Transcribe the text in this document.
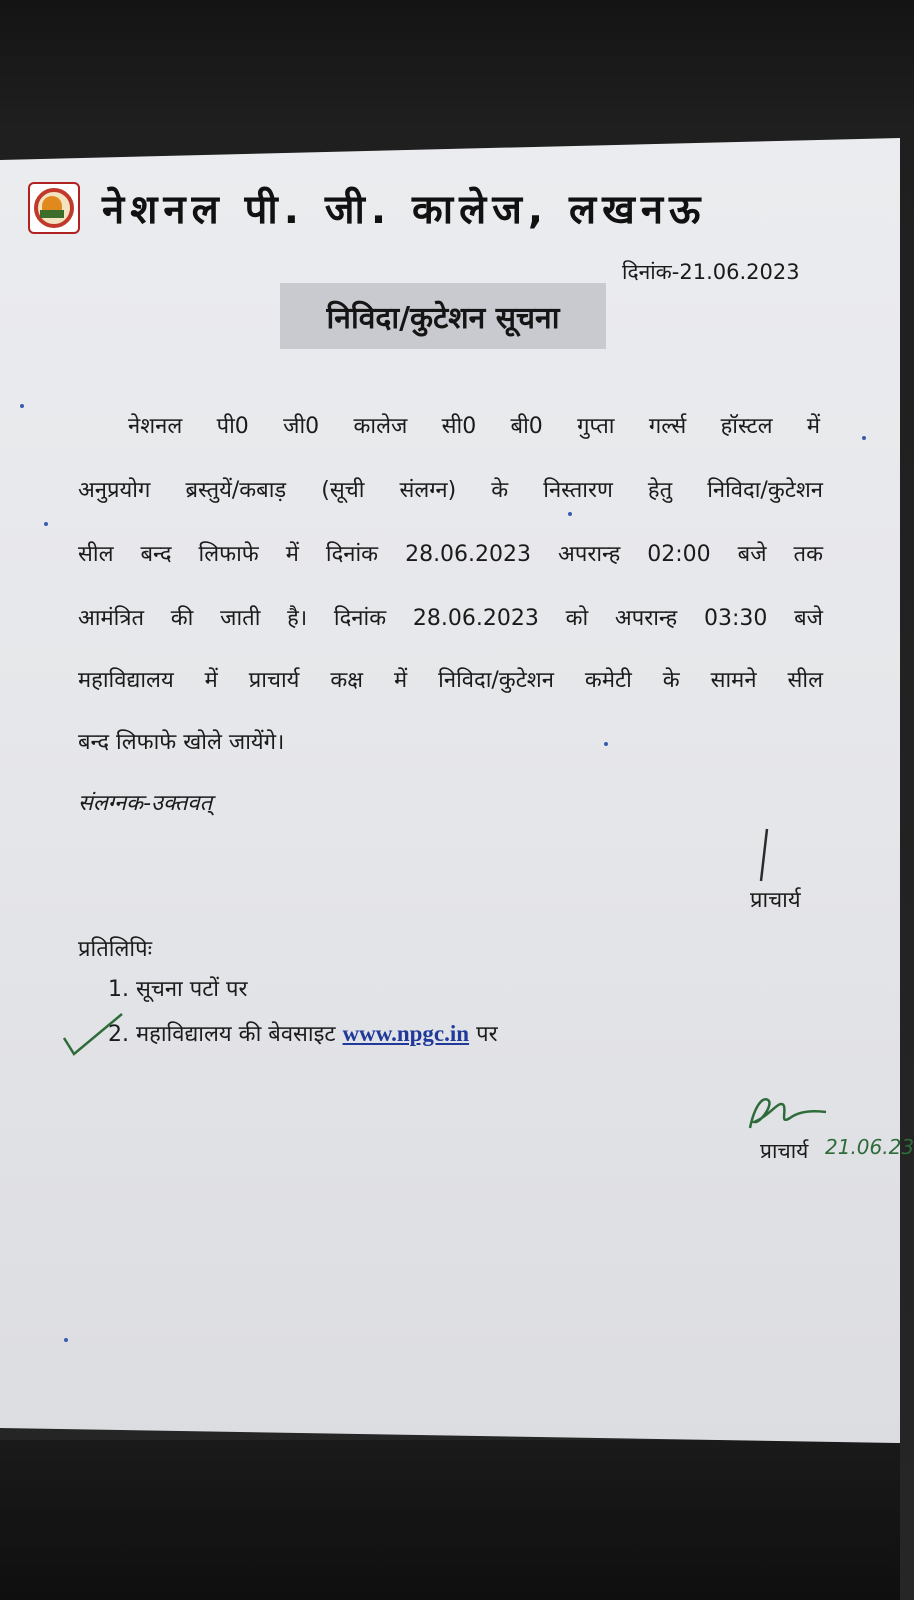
नेशनल पी. जी. कालेज, लखनऊ
दिनांक-21.06.2023
निविदा/कुटेशन सूचना
नेशनल पी0 जी0 कालेज सी0 बी0 गुप्ता गर्ल्स हॉस्टल में
अनुप्रयोग ब्रस्तुयें/कबाड़ (सूची संलग्न) के निस्तारण हेतु निविदा/कुटेशन
सील बन्द लिफाफे में दिनांक 28.06.2023 अपरान्ह 02:00 बजे तक
आमंत्रित की जाती है। दिनांक 28.06.2023 को अपरान्ह 03:30 बजे
महाविद्यालय में प्राचार्य कक्ष में निविदा/कुटेशन कमेटी के सामने सील
बन्द लिफाफे खोले जायेंगे।
संलग्नक-उक्तवत्
प्राचार्य
प्रतिलिपिः
1. सूचना पटों पर
2. महाविद्यालय की बेवसाइट www.npgc.in पर
प्राचार्य 21.06.23
